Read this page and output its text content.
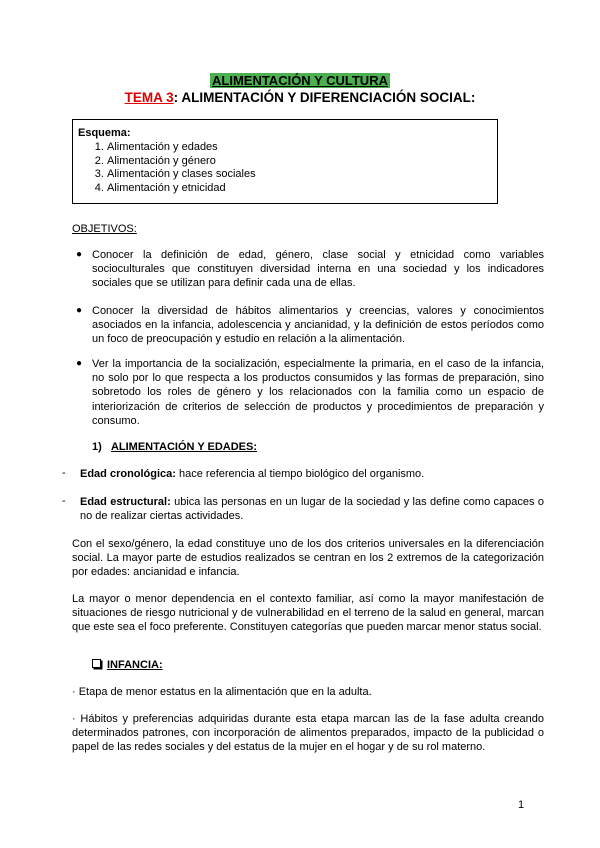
ALIMENTACIÓN Y CULTURA
TEMA 3: ALIMENTACIÓN Y DIFERENCIACIÓN SOCIAL:
Esquema:
1. Alimentación y edades
2. Alimentación y género
3. Alimentación y clases sociales
4. Alimentación y etnicidad
OBJETIVOS:
● Conocer la definición de edad, género, clase social y etnicidad como variables socioculturales que constituyen diversidad interna en una sociedad y los indicadores sociales que se utilizan para definir cada una de ellas.
● Conocer la diversidad de hábitos alimentarios y creencias, valores y conocimientos asociados en la infancia, adolescencia y ancianidad, y la definición de estos períodos como un foco de preocupación y estudio en relación a la alimentación.
● Ver la importancia de la socialización, especialmente la primaria, en el caso de la infancia, no solo por lo que respecta a los productos consumidos y las formas de preparación, sino sobretodo los roles de género y los relacionados con la familia como un espacio de interiorización de criterios de selección de productos y procedimientos de preparación y consumo.
1) ALIMENTACIÓN Y EDADES:
- Edad cronológica: hace referencia al tiempo biológico del organismo.
- Edad estructural: ubica las personas en un lugar de la sociedad y las define como capaces o no de realizar ciertas actividades.
Con el sexo/género, la edad constituye uno de los dos criterios universales en la diferenciación social. La mayor parte de estudios realizados se centran en los 2 extremos de la categorización por edades: ancianidad e infancia.
La mayor o menor dependencia en el contexto familiar, así como la mayor manifestación de situaciones de riesgo nutricional y de vulnerabilidad en el terreno de la salud en general, marcan que este sea el foco preferente. Constituyen categorías que pueden marcar menor status social.
INFANCIA:
· Etapa de menor estatus en la alimentación que en la adulta.
· Hábitos y preferencias adquiridas durante esta etapa marcan las de la fase adulta creando determinados patrones, con incorporación de alimentos preparados, impacto de la publicidad o papel de las redes sociales y del estatus de la mujer en el hogar y de su rol materno.
1
